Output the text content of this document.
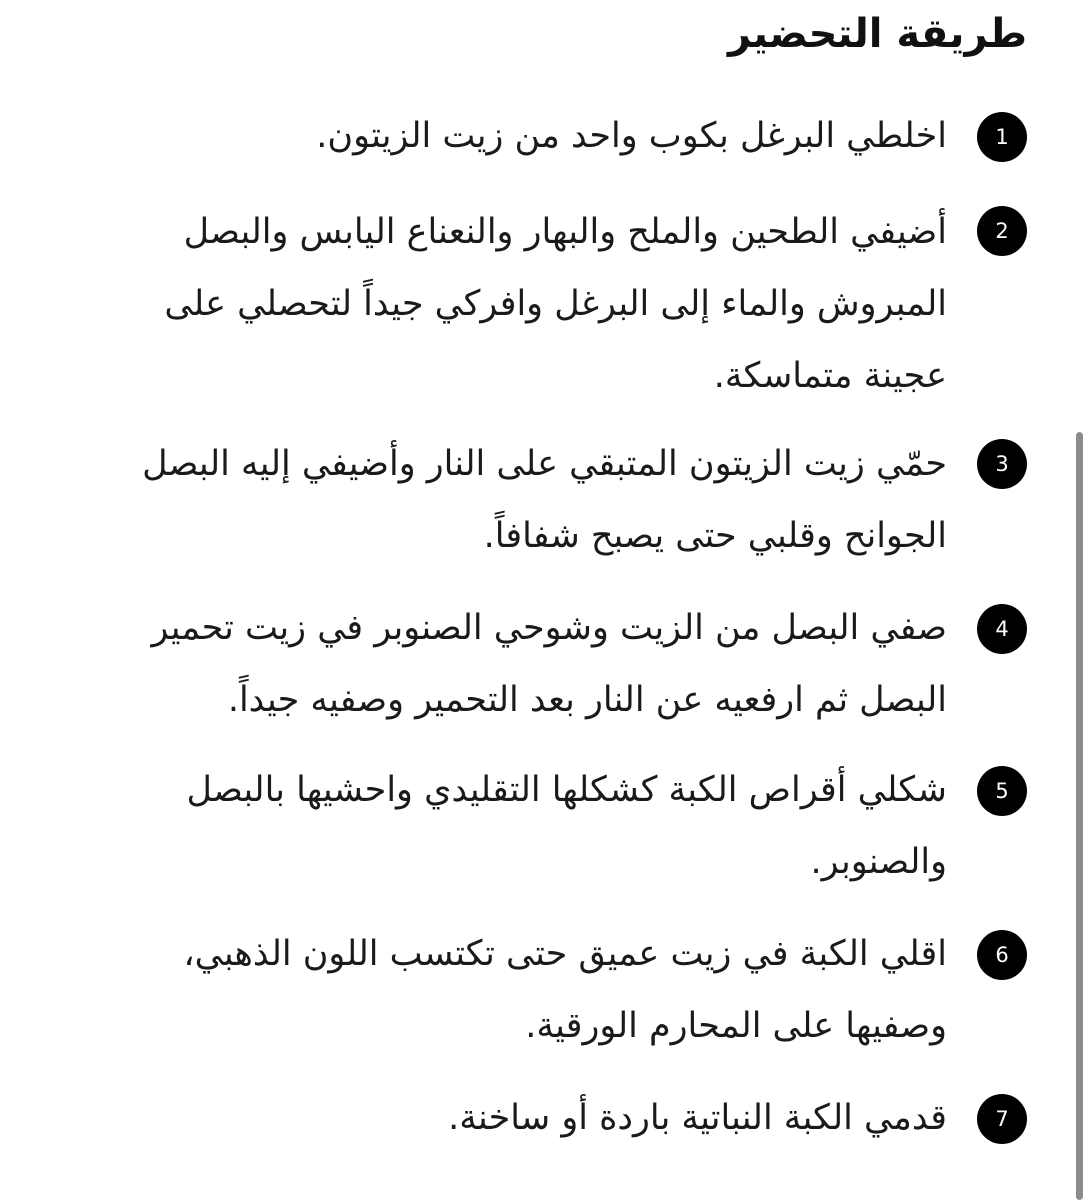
طريقة التحضير
1

اخلطي البرغل بكوب واحد من زيت الزيتون.

2

أضيفي الطحين والملح والبهار والنعناع اليابس والبصل المبروش والماء إلى البرغل وافركي جيداً لتحصلي على عجينة متماسكة.

3

حمّي زيت الزيتون المتبقي على النار وأضيفي إليه البصل الجوانح وقلبي حتى يصبح شفافاً.

4

صفي البصل من الزيت وشوحي الصنوبر في زيت تحمير البصل ثم ارفعيه عن النار بعد التحمير وصفيه جيداً.

5

شكلي أقراص الكبة كشكلها التقليدي واحشيها بالبصل والصنوبر.

6

اقلي الكبة في زيت عميق حتى تكتسب اللون الذهبي، وصفيها على المحارم الورقية.

7

قدمي الكبة النباتية باردة أو ساخنة.
